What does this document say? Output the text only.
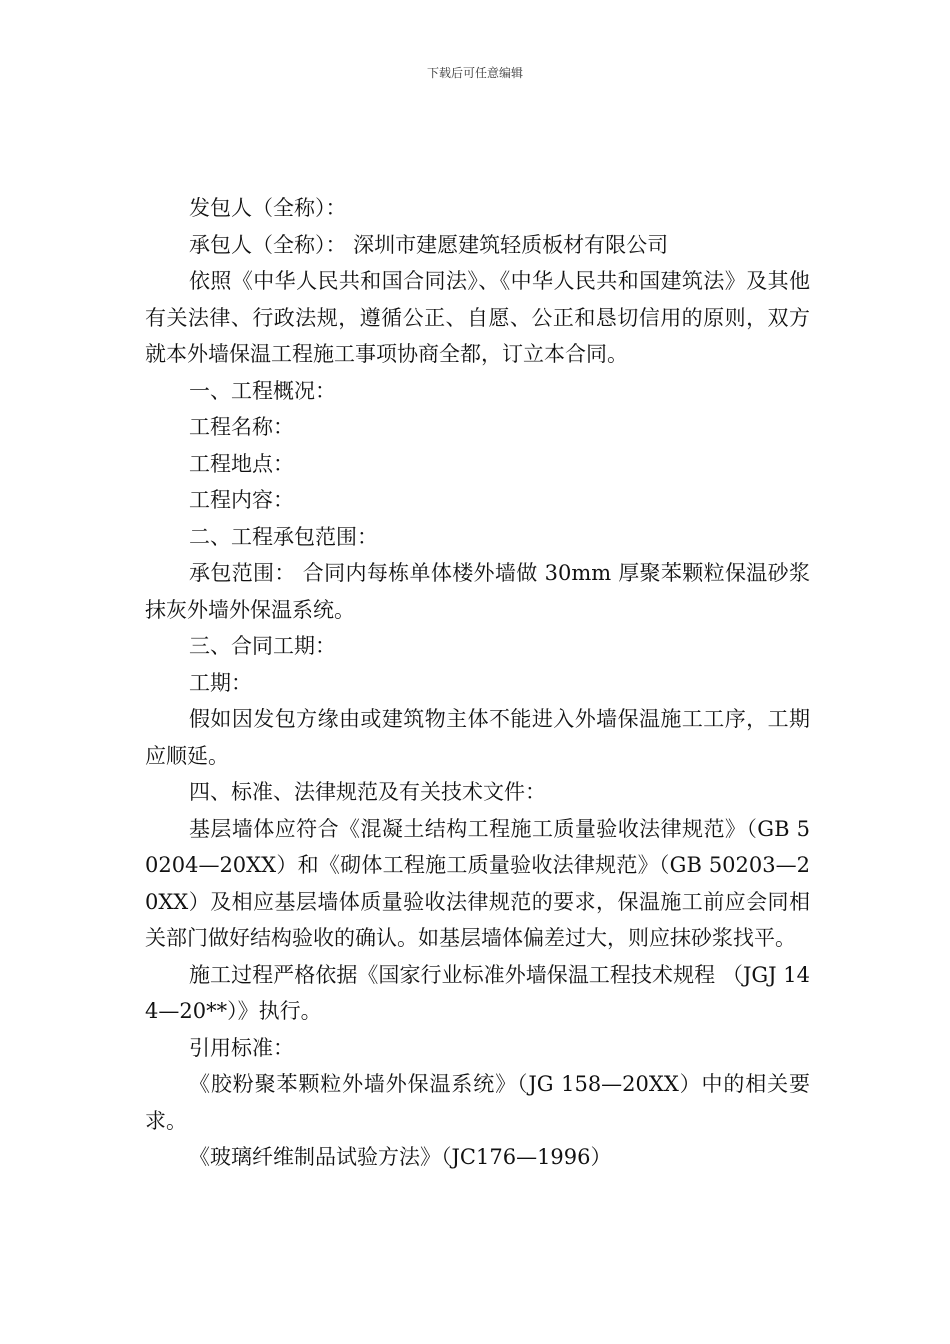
下载后可任意编辑

发包人（全称）：

承包人（全称）： 深圳市建愿建筑轻质板材有限公司

依照《中华人民共和国合同法》、《中华人民共和国建筑法》及其他有关法律、行政法规，遵循公正、自愿、公正和恳切信用的原则，双方就本外墙保温工程施工事项协商全都，订立本合同。

一、工程概况：

工程名称：

工程地点：

工程内容：

二、工程承包范围：

承包范围： 合同内每栋单体楼外墙做 30mm 厚聚苯颗粒保温砂浆抹灰外墙外保温系统。

三、合同工期：

工期：

假如因发包方缘由或建筑物主体不能进入外墙保温施工工序，工期应顺延。

四、标准、法律规范及有关技术文件：

基层墙体应符合《混凝土结构工程施工质量验收法律规范》（GB 50204—20XX）和《砌体工程施工质量验收法律规范》（GB 50203—20XX）及相应基层墙体质量验收法律规范的要求，保温施工前应会同相关部门做好结构验收的确认。如基层墙体偏差过大，则应抹砂浆找平。

施工过程严格依据《国家行业标准外墙保温工程技术规程 （JGJ 144—20**）》执行。

引用标准：

《胶粉聚苯颗粒外墙外保温系统》（JG 158—20XX）中的相关要求。

《玻璃纤维制品试验方法》（JC176—1996）
